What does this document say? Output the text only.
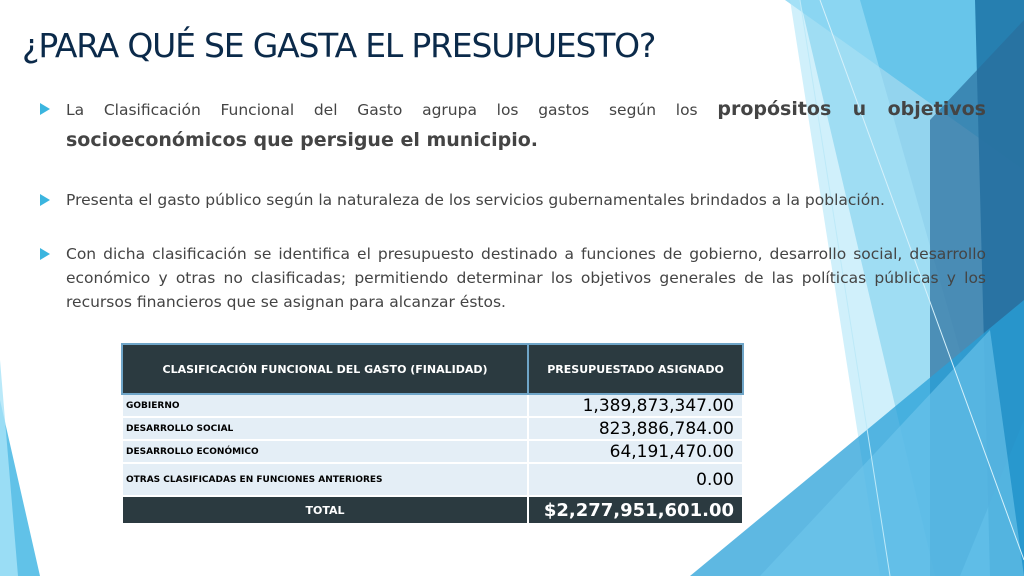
¿PARA QUÉ SE GASTA EL PRESUPUESTO?
La Clasificación Funcional del Gasto agrupa los gastos según los propósitos u objetivos socioeconómicos que persigue el municipio.
Presenta el gasto público según la naturaleza de los servicios gubernamentales brindados a la población.
Con dicha clasificación se identifica el presupuesto destinado a funciones de gobierno, desarrollo social, desarrollo económico y otras no clasificadas; permitiendo determinar los objetivos generales de las políticas públicas y los recursos financieros que se asignan para alcanzar éstos.
CLASIFICACIÓN FUNCIONAL DEL GASTO (FINALIDAD)	PRESUPUESTADO ASIGNADO
GOBIERNO	1,389,873,347.00
DESARROLLO SOCIAL	823,886,784.00
DESARROLLO ECONÓMICO	64,191,470.00
OTRAS CLASIFICADAS EN FUNCIONES ANTERIORES	0.00
TOTAL	$2,277,951,601.00
